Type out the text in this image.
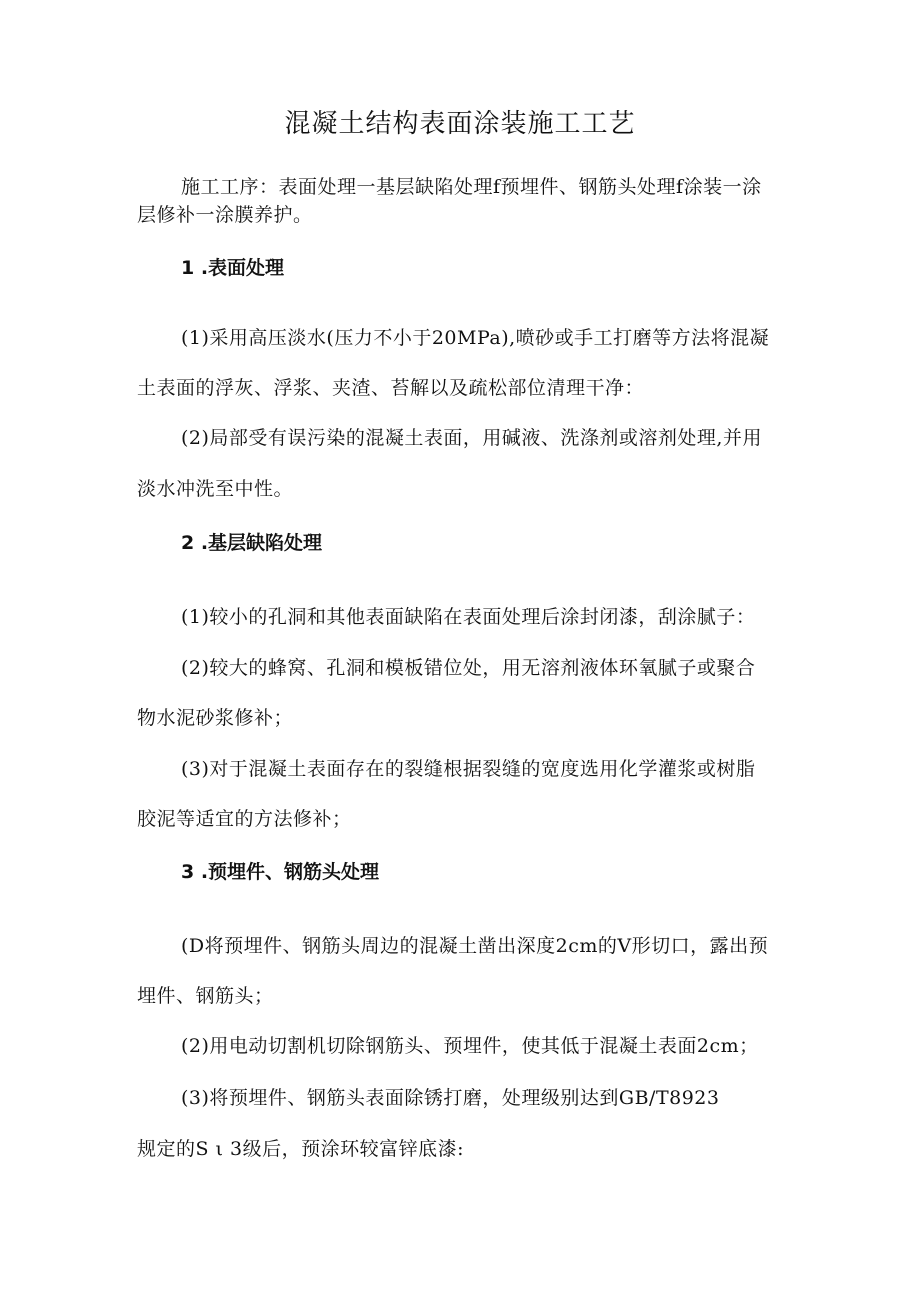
混凝土结构表面涂装施工工艺
施工工序：表面处理一基层缺陷处理f预埋件、钢筋头处理f涂装一涂
层修补一涂膜养护。
1 .表面处理
(1)采用高压淡水(压力不小于20MPa),喷砂或手工打磨等方法将混凝
土表面的浮灰、浮浆、夹渣、苔解以及疏松部位清理干净：
(2)局部受有误污染的混凝土表面，用碱液、洗涤剂或溶剂处理,并用
淡水冲洗至中性。
2 .基层缺陷处理
(1)较小的孔洞和其他表面缺陷在表面处理后涂封闭漆，刮涂腻子：
(2)较大的蜂窝、孔洞和模板错位处，用无溶剂液体环氧腻子或聚合
物水泥砂浆修补；
(3)对于混凝土表面存在的裂缝根据裂缝的宽度选用化学灌浆或树脂
胶泥等适宜的方法修补；
3 .预埋件、钢筋头处理
(D将预埋件、钢筋头周边的混凝土凿出深度2cm的V形切口，露出预
埋件、钢筋头；
(2)用电动切割机切除钢筋头、预埋件，使其低于混凝土表面2cm；
(3)将预埋件、钢筋头表面除锈打磨，处理级别达到GB/T8923
规定的S ι 3级后，预涂环较富锌底漆:
